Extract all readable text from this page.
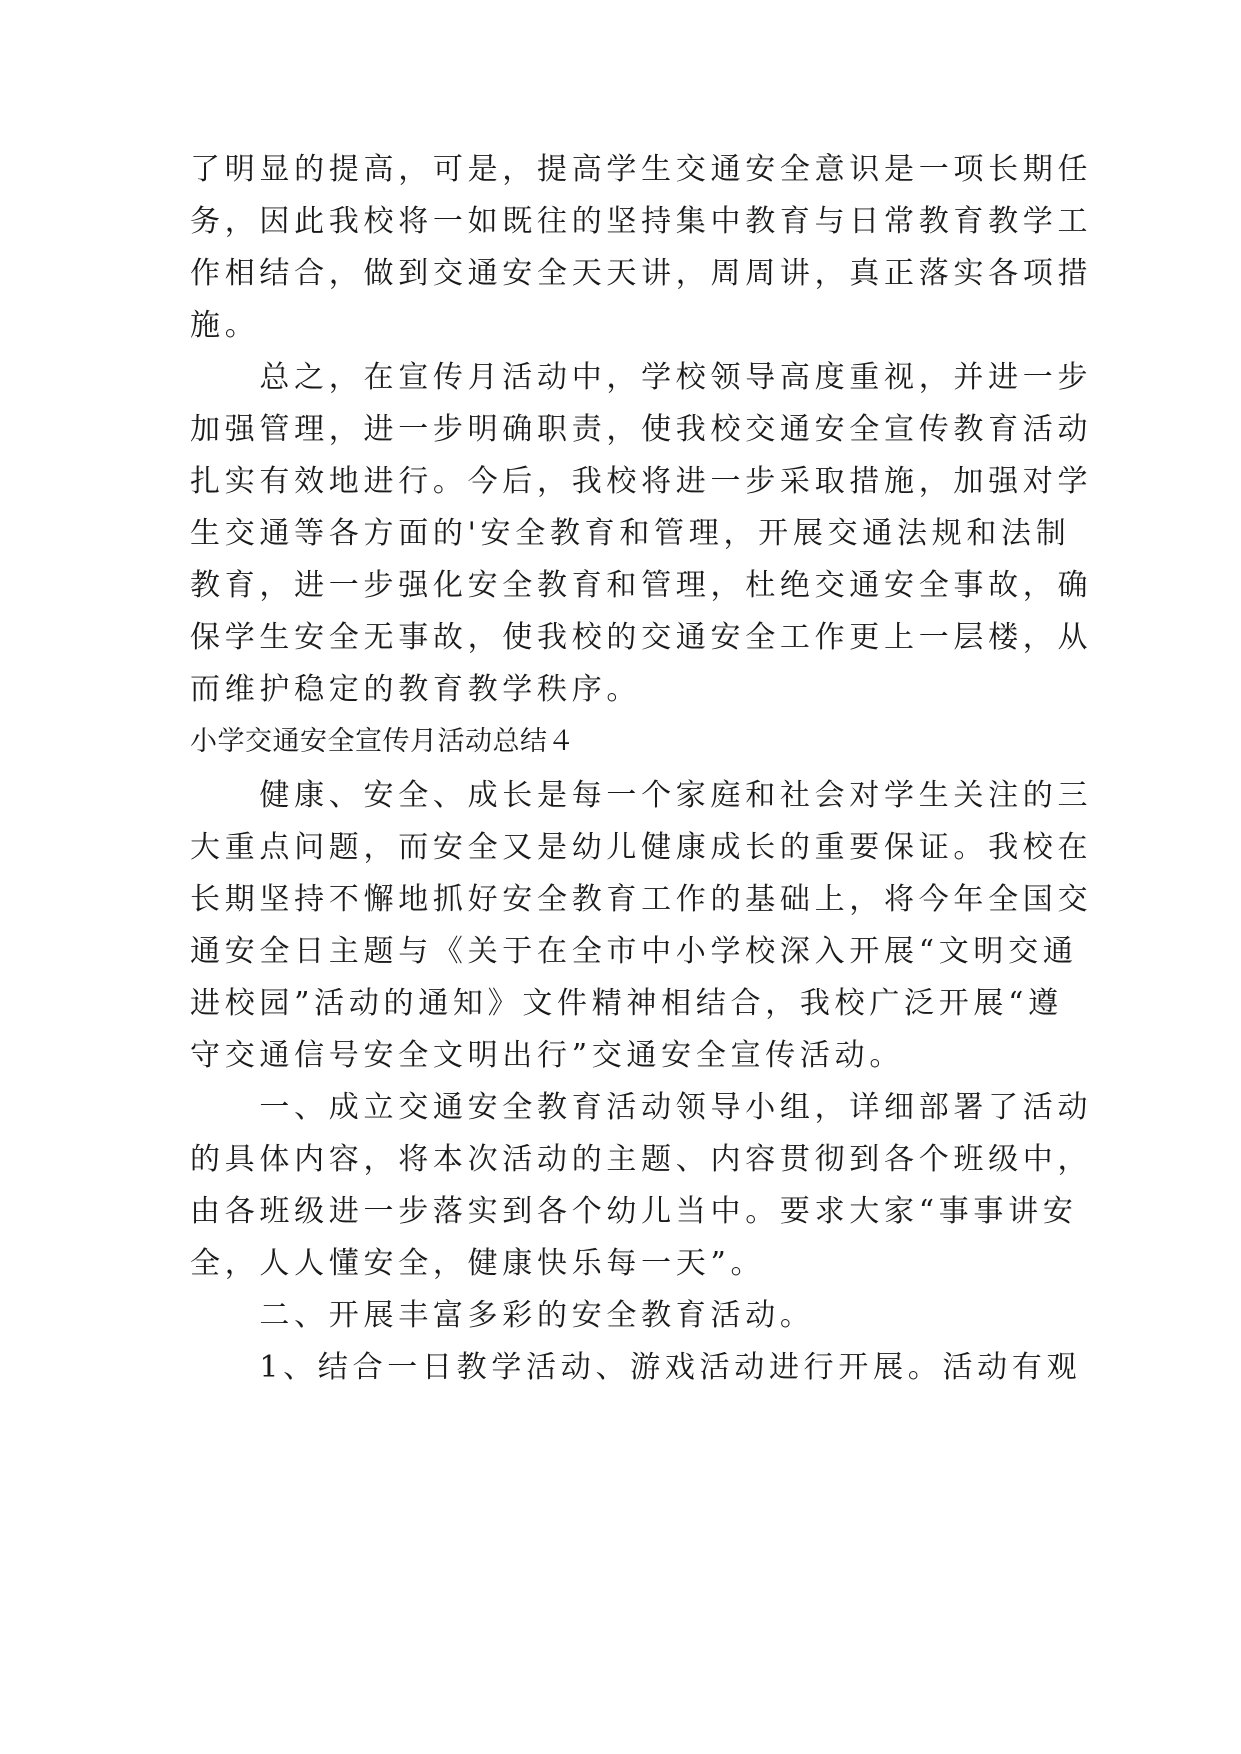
了明显的提高，可是，提高学生交通安全意识是一项长期任
务，因此我校将一如既往的坚持集中教育与日常教育教学工
作相结合，做到交通安全天天讲，周周讲，真正落实各项措
施。
　　总之，在宣传月活动中，学校领导高度重视，并进一步
加强管理，进一步明确职责，使我校交通安全宣传教育活动
扎实有效地进行。今后，我校将进一步采取措施，加强对学
生交通等各方面的'安全教育和管理，开展交通法规和法制
教育，进一步强化安全教育和管理，杜绝交通安全事故，确
保学生安全无事故，使我校的交通安全工作更上一层楼，从
而维护稳定的教育教学秩序。
小学交通安全宣传月活动总结４
　　健康、安全、成长是每一个家庭和社会对学生关注的三
大重点问题，而安全又是幼儿健康成长的重要保证。我校在
长期坚持不懈地抓好安全教育工作的基础上，将今年全国交
通安全日主题与《关于在全市中小学校深入开展“文明交通
进校园”活动的通知》文件精神相结合，我校广泛开展“遵
守交通信号安全文明出行”交通安全宣传活动。
　　一、成立交通安全教育活动领导小组，详细部署了活动
的具体内容，将本次活动的主题、内容贯彻到各个班级中，
由各班级进一步落实到各个幼儿当中。要求大家“事事讲安
全，人人懂安全，健康快乐每一天”。
　　二、开展丰富多彩的安全教育活动。
　　1、结合一日教学活动、游戏活动进行开展。活动有观
